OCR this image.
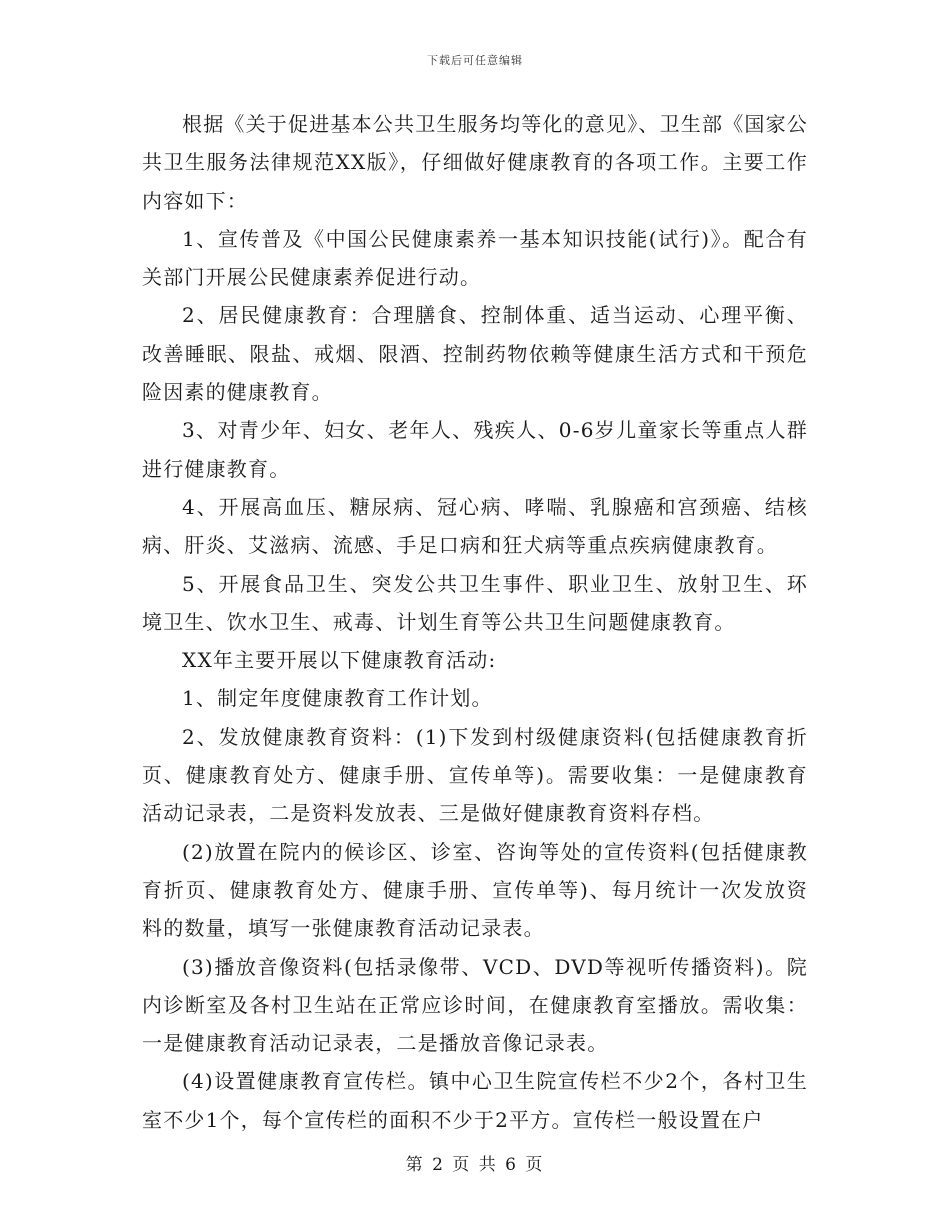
下载后可任意编辑

根据《关于促进基本公共卫生服务均等化的意见》、卫生部《国家公共卫生服务法律规范XX版》，仔细做好健康教育的各项工作。主要工作内容如下：

1、宣传普及《中国公民健康素养一基本知识技能(试行)》。配合有关部门开展公民健康素养促进行动。

2、居民健康教育：合理膳食、控制体重、适当运动、心理平衡、改善睡眠、限盐、戒烟、限酒、控制药物依赖等健康生活方式和干预危险因素的健康教育。

3、对青少年、妇女、老年人、残疾人、0-6岁儿童家长等重点人群进行健康教育。

4、开展高血压、糖尿病、冠心病、哮喘、乳腺癌和宫颈癌、结核病、肝炎、艾滋病、流感、手足口病和狂犬病等重点疾病健康教育。

5、开展食品卫生、突发公共卫生事件、职业卫生、放射卫生、环境卫生、饮水卫生、戒毒、计划生育等公共卫生问题健康教育。

XX年主要开展以下健康教育活动:

1、制定年度健康教育工作计划。

2、发放健康教育资料：(1)下发到村级健康资料(包括健康教育折页、健康教育处方、健康手册、宣传单等)。需要收集：一是健康教育活动记录表，二是资料发放表、三是做好健康教育资料存档。

(2)放置在院内的候诊区、诊室、咨询等处的宣传资料(包括健康教育折页、健康教育处方、健康手册、宣传单等)、每月统计一次发放资料的数量，填写一张健康教育活动记录表。

(3)播放音像资料(包括录像带、VCD、DVD等视听传播资料)。院内诊断室及各村卫生站在正常应诊时间，在健康教育室播放。需收集：一是健康教育活动记录表，二是播放音像记录表。

(4)设置健康教育宣传栏。镇中心卫生院宣传栏不少2个，各村卫生室不少1个，每个宣传栏的面积不少于2平方。宣传栏一般设置在户

第 2 页 共 6 页
